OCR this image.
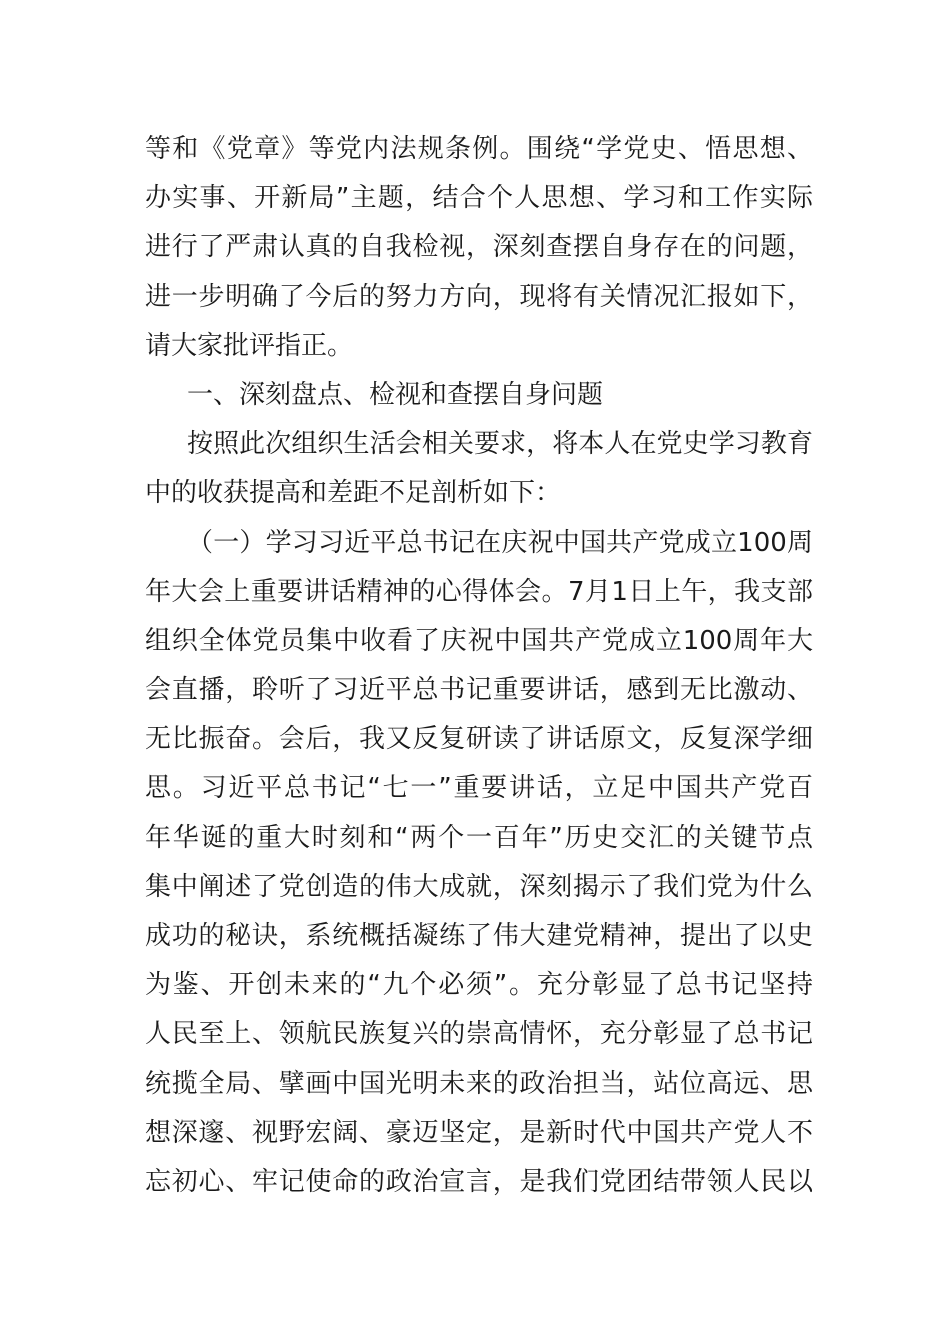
等和《党章》等党内法规条例。围绕“学党史、悟思想、
办实事、开新局”主题，结合个人思想、学习和工作实际
进行了严肃认真的自我检视，深刻查摆自身存在的问题，
进一步明确了今后的努力方向，现将有关情况汇报如下，
请大家批评指正。
一、深刻盘点、检视和查摆自身问题
按照此次组织生活会相关要求，将本人在党史学习教育
中的收获提高和差距不足剖析如下：
（一）学习习近平总书记在庆祝中国共产党成立100周
年大会上重要讲话精神的心得体会。7月1日上午，我支部
组织全体党员集中收看了庆祝中国共产党成立100周年大
会直播，聆听了习近平总书记重要讲话，感到无比激动、
无比振奋。会后，我又反复研读了讲话原文，反复深学细
思。习近平总书记“七一”重要讲话，立足中国共产党百
年华诞的重大时刻和“两个一百年”历史交汇的关键节点
集中阐述了党创造的伟大成就，深刻揭示了我们党为什么
成功的秘诀，系统概括凝练了伟大建党精神，提出了以史
为鉴、开创未来的“九个必须”。充分彰显了总书记坚持
人民至上、领航民族复兴的崇高情怀，充分彰显了总书记
统揽全局、擘画中国光明未来的政治担当，站位高远、思
想深邃、视野宏阔、豪迈坚定，是新时代中国共产党人不
忘初心、牢记使命的政治宣言，是我们党团结带领人民以
